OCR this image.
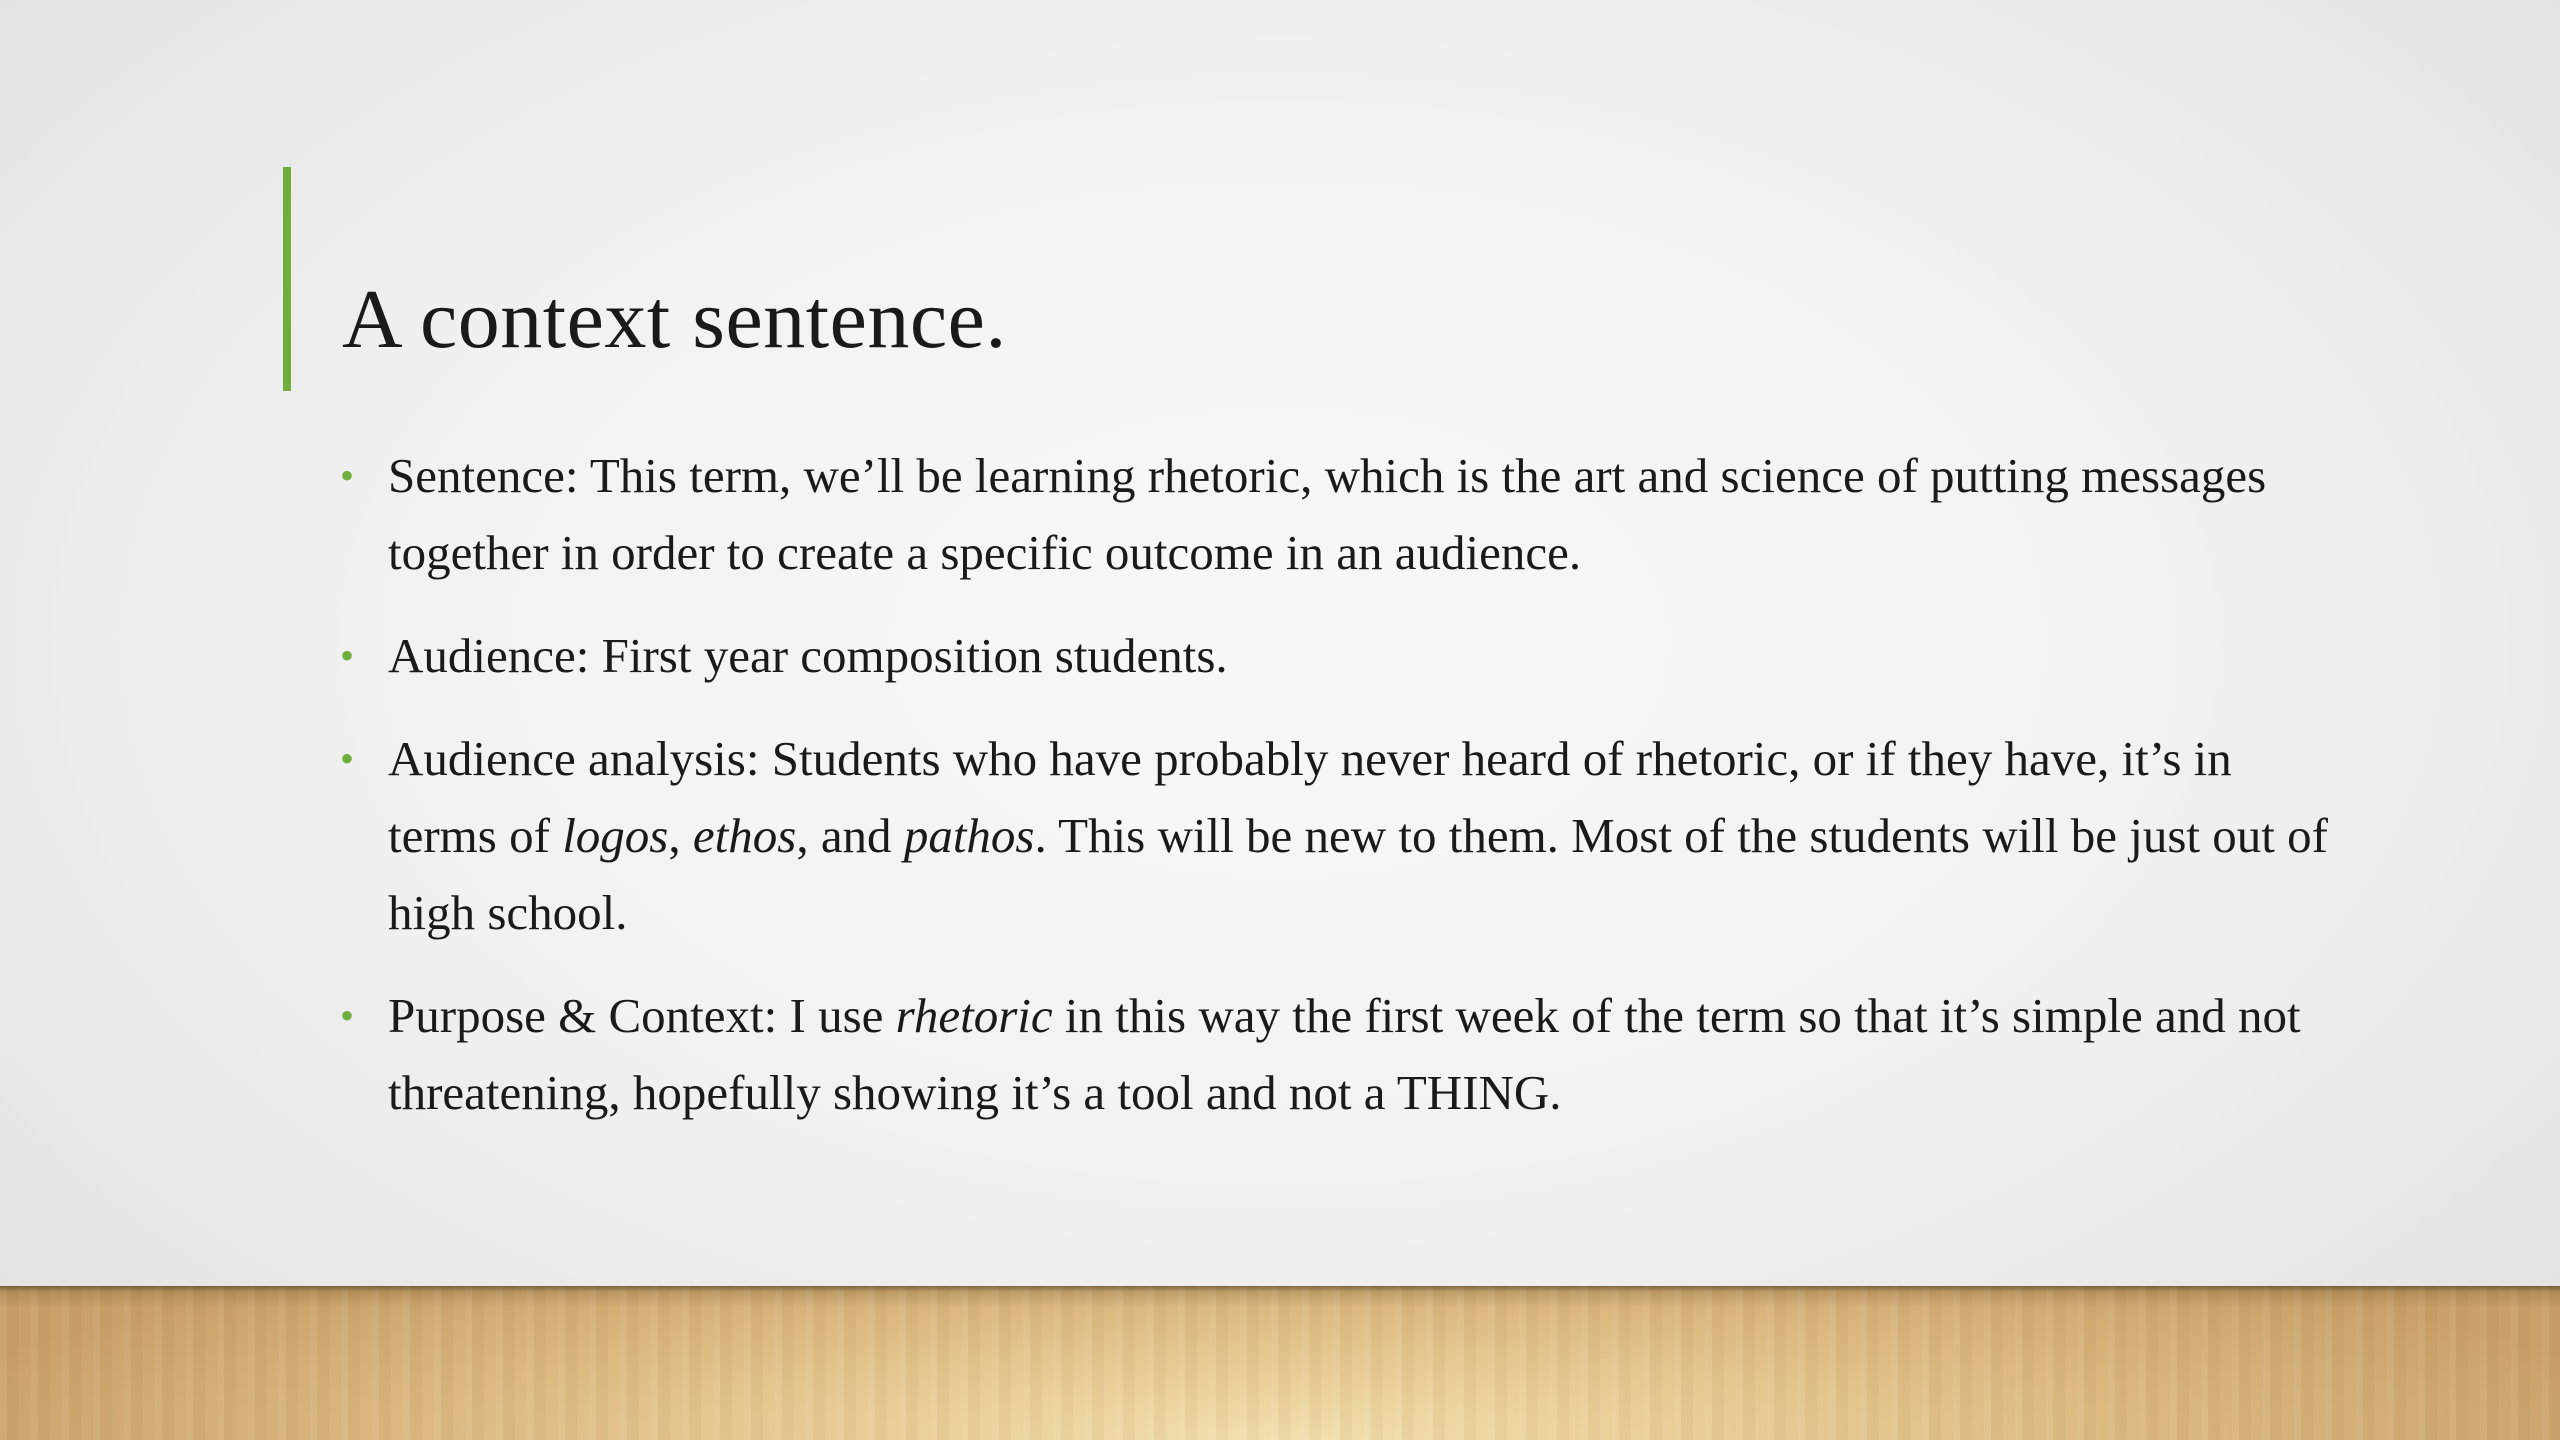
A context sentence.
• Sentence: This term, we’ll be learning rhetoric, which is the art and science of putting messages together in order to create a specific outcome in an audience.
• Audience: First year composition students.
• Audience analysis: Students who have probably never heard of rhetoric, or if they have, it’s in terms of logos, ethos, and pathos. This will be new to them. Most of the students will be just out of high school.
• Purpose & Context: I use rhetoric in this way the first week of the term so that it’s simple and not threatening, hopefully showing it’s a tool and not a THING.
